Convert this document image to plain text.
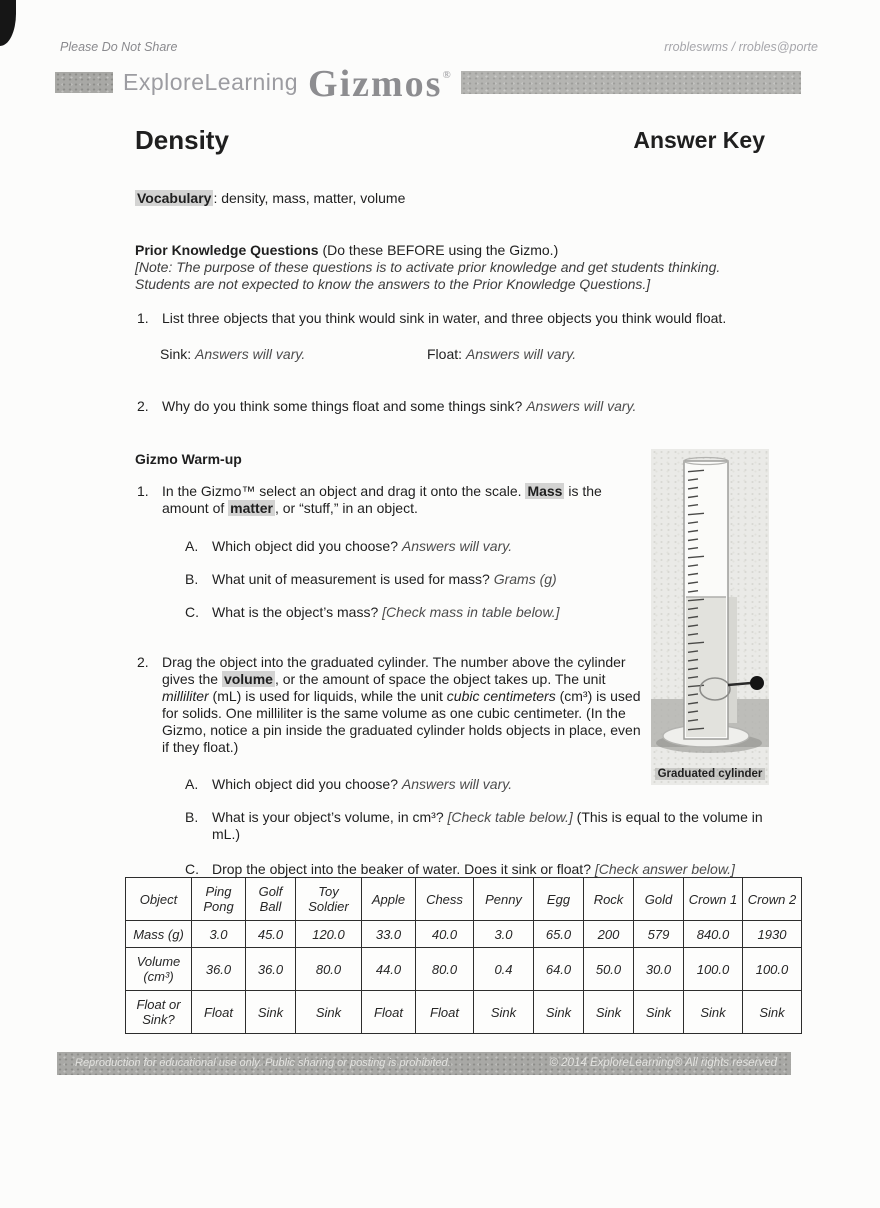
Please Do Not Share	rrobleswms / rrobles@porte
ExploreLearning Gizmos®
Density	Answer Key
Vocabulary : density, mass, matter, volume
Prior Knowledge Questions (Do these BEFORE using the Gizmo.)
[Note: The purpose of these questions is to activate prior knowledge and get students thinking.
Students are not expected to know the answers to the Prior Knowledge Questions.]
1. List three objects that you think would sink in water, and three objects you think would float.
Sink: Answers will vary.	Float: Answers will vary.
2. Why do you think some things float and some things sink? Answers will vary.
Gizmo Warm-up
1. In the Gizmo™ select an object and drag it onto the scale. Mass is the amount of matter , or “stuff,” in an object.
A. Which object did you choose? Answers will vary.
B. What unit of measurement is used for mass? Grams (g)
C. What is the object’s mass? [Check mass in table below.]
2. Drag the object into the graduated cylinder. The number above the cylinder gives the volume , or the amount of space the object takes up. The unit milliliter (mL) is used for liquids, while the unit cubic centimeters (cm³) is used for solids. One milliliter is the same volume as one cubic centimeter. (In the Gizmo, notice a pin inside the graduated cylinder holds objects in place, even if they float.)
A. Which object did you choose? Answers will vary.
B. What is your object’s volume, in cm³? [Check table below.] (This is equal to the volume in mL.)
C. Drop the object into the beaker of water. Does it sink or float? [Check answer below.]
Graduated cylinder
Object	Ping Pong	Golf Ball	Toy Soldier	Apple	Chess	Penny	Egg	Rock	Gold	Crown 1	Crown 2
Mass (g)	3.0	45.0	120.0	33.0	40.0	3.0	65.0	200	579	840.0	1930
Volume (cm³)	36.0	36.0	80.0	44.0	80.0	0.4	64.0	50.0	30.0	100.0	100.0
Float or Sink?	Float	Sink	Sink	Float	Float	Sink	Sink	Sink	Sink	Sink	Sink
Reproduction for educational use only. Public sharing or posting is prohibited.	© 2014 ExploreLearning® All rights reserved
